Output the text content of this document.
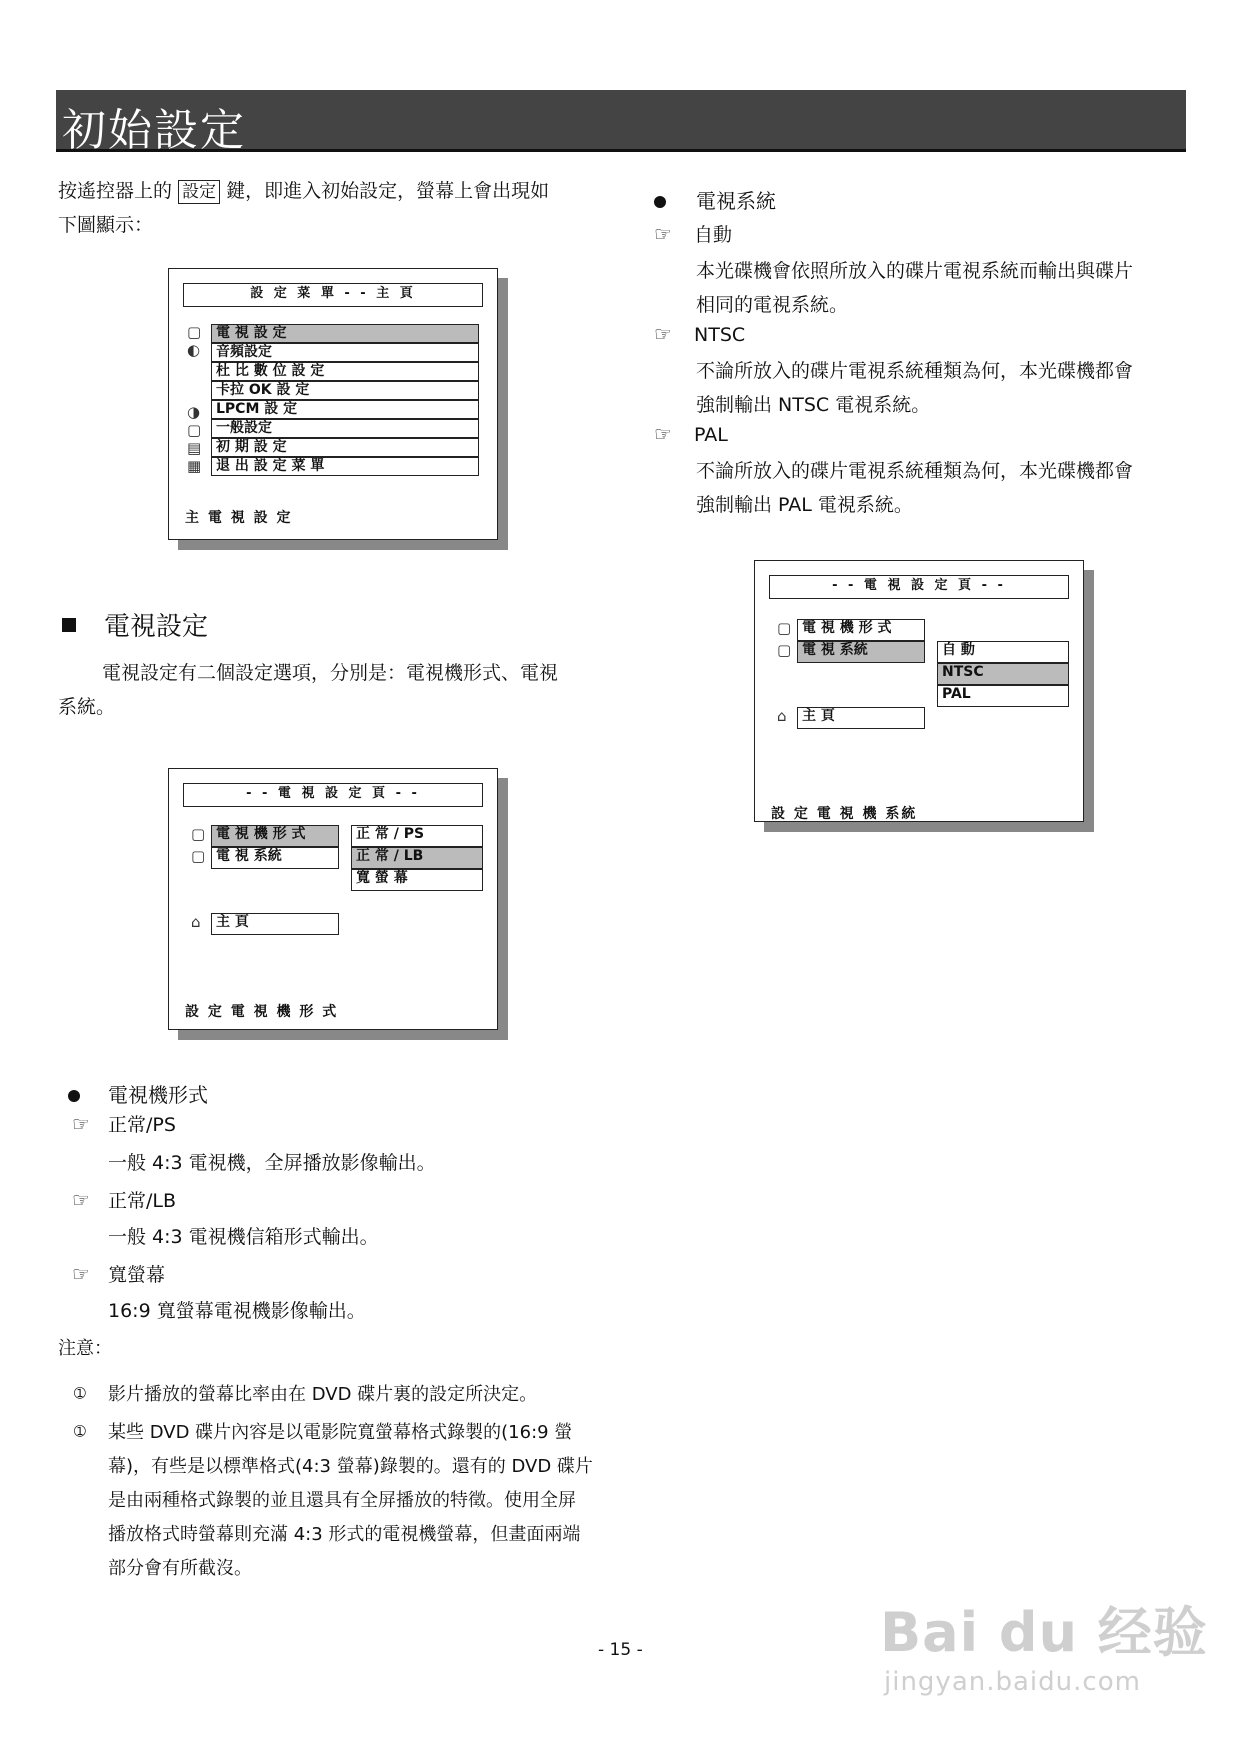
初始設定
按遙控器上的 設定 鍵，即進入初始設定，螢幕上會出現如
下圖顯示：
設 定 菜 單 - - 主 頁
▢
◐
◑
▢
▤
▦
電 視 設 定
音頻設定
杜 比 數 位 設 定
卡拉 OK 設 定
LPCM 設 定
一般設定
初 期 設 定
退 出 設 定 菜 單
主 電 視 設 定
電視設定
電視設定有二個設定選項，分別是：電視機形式、電視
系統。
- - 電 視 設 定 頁 - -
▢
▢
電 視 機 形 式
電 視 系統
正 常 / PS
正 常 / LB
寬 螢 幕
⌂	主 頁
設 定 電 視 機 形 式
電視機形式
☞ 正常/PS
一般 4:3 電視機，全屏播放影像輸出。
☞ 正常/LB
一般 4:3 電視機信箱形式輸出。
☞ 寬螢幕
16:9 寬螢幕電視機影像輸出。
注意：
➀ 影片播放的螢幕比率由在 DVD 碟片裏的設定所決定。
➀ 某些 DVD 碟片內容是以電影院寬螢幕格式錄製的(16:9 螢
幕)，有些是以標準格式(4:3 螢幕)錄製的。還有的 DVD 碟片
是由兩種格式錄製的並且還具有全屏播放的特徵。使用全屏
播放格式時螢幕則充滿 4:3 形式的電視機螢幕，但畫面兩端
部分會有所截沒。
電視系統
☞ 自動
本光碟機會依照所放入的碟片電視系統而輸出與碟片
相同的電視系統。
☞ NTSC
不論所放入的碟片電視系統種類為何，本光碟機都會
強制輸出 NTSC 電視系統。
☞ PAL
不論所放入的碟片電視系統種類為何，本光碟機都會
強制輸出 PAL 電視系統。
- - 電 視 設 定 頁 - -
▢
▢
電 視 機 形 式
電 視 系統	自 動
NTSC
PAL
⌂	主 頁
設 定 電 視 機 系統
- 15 -	Bai du 经验
jingyan.baidu.com
